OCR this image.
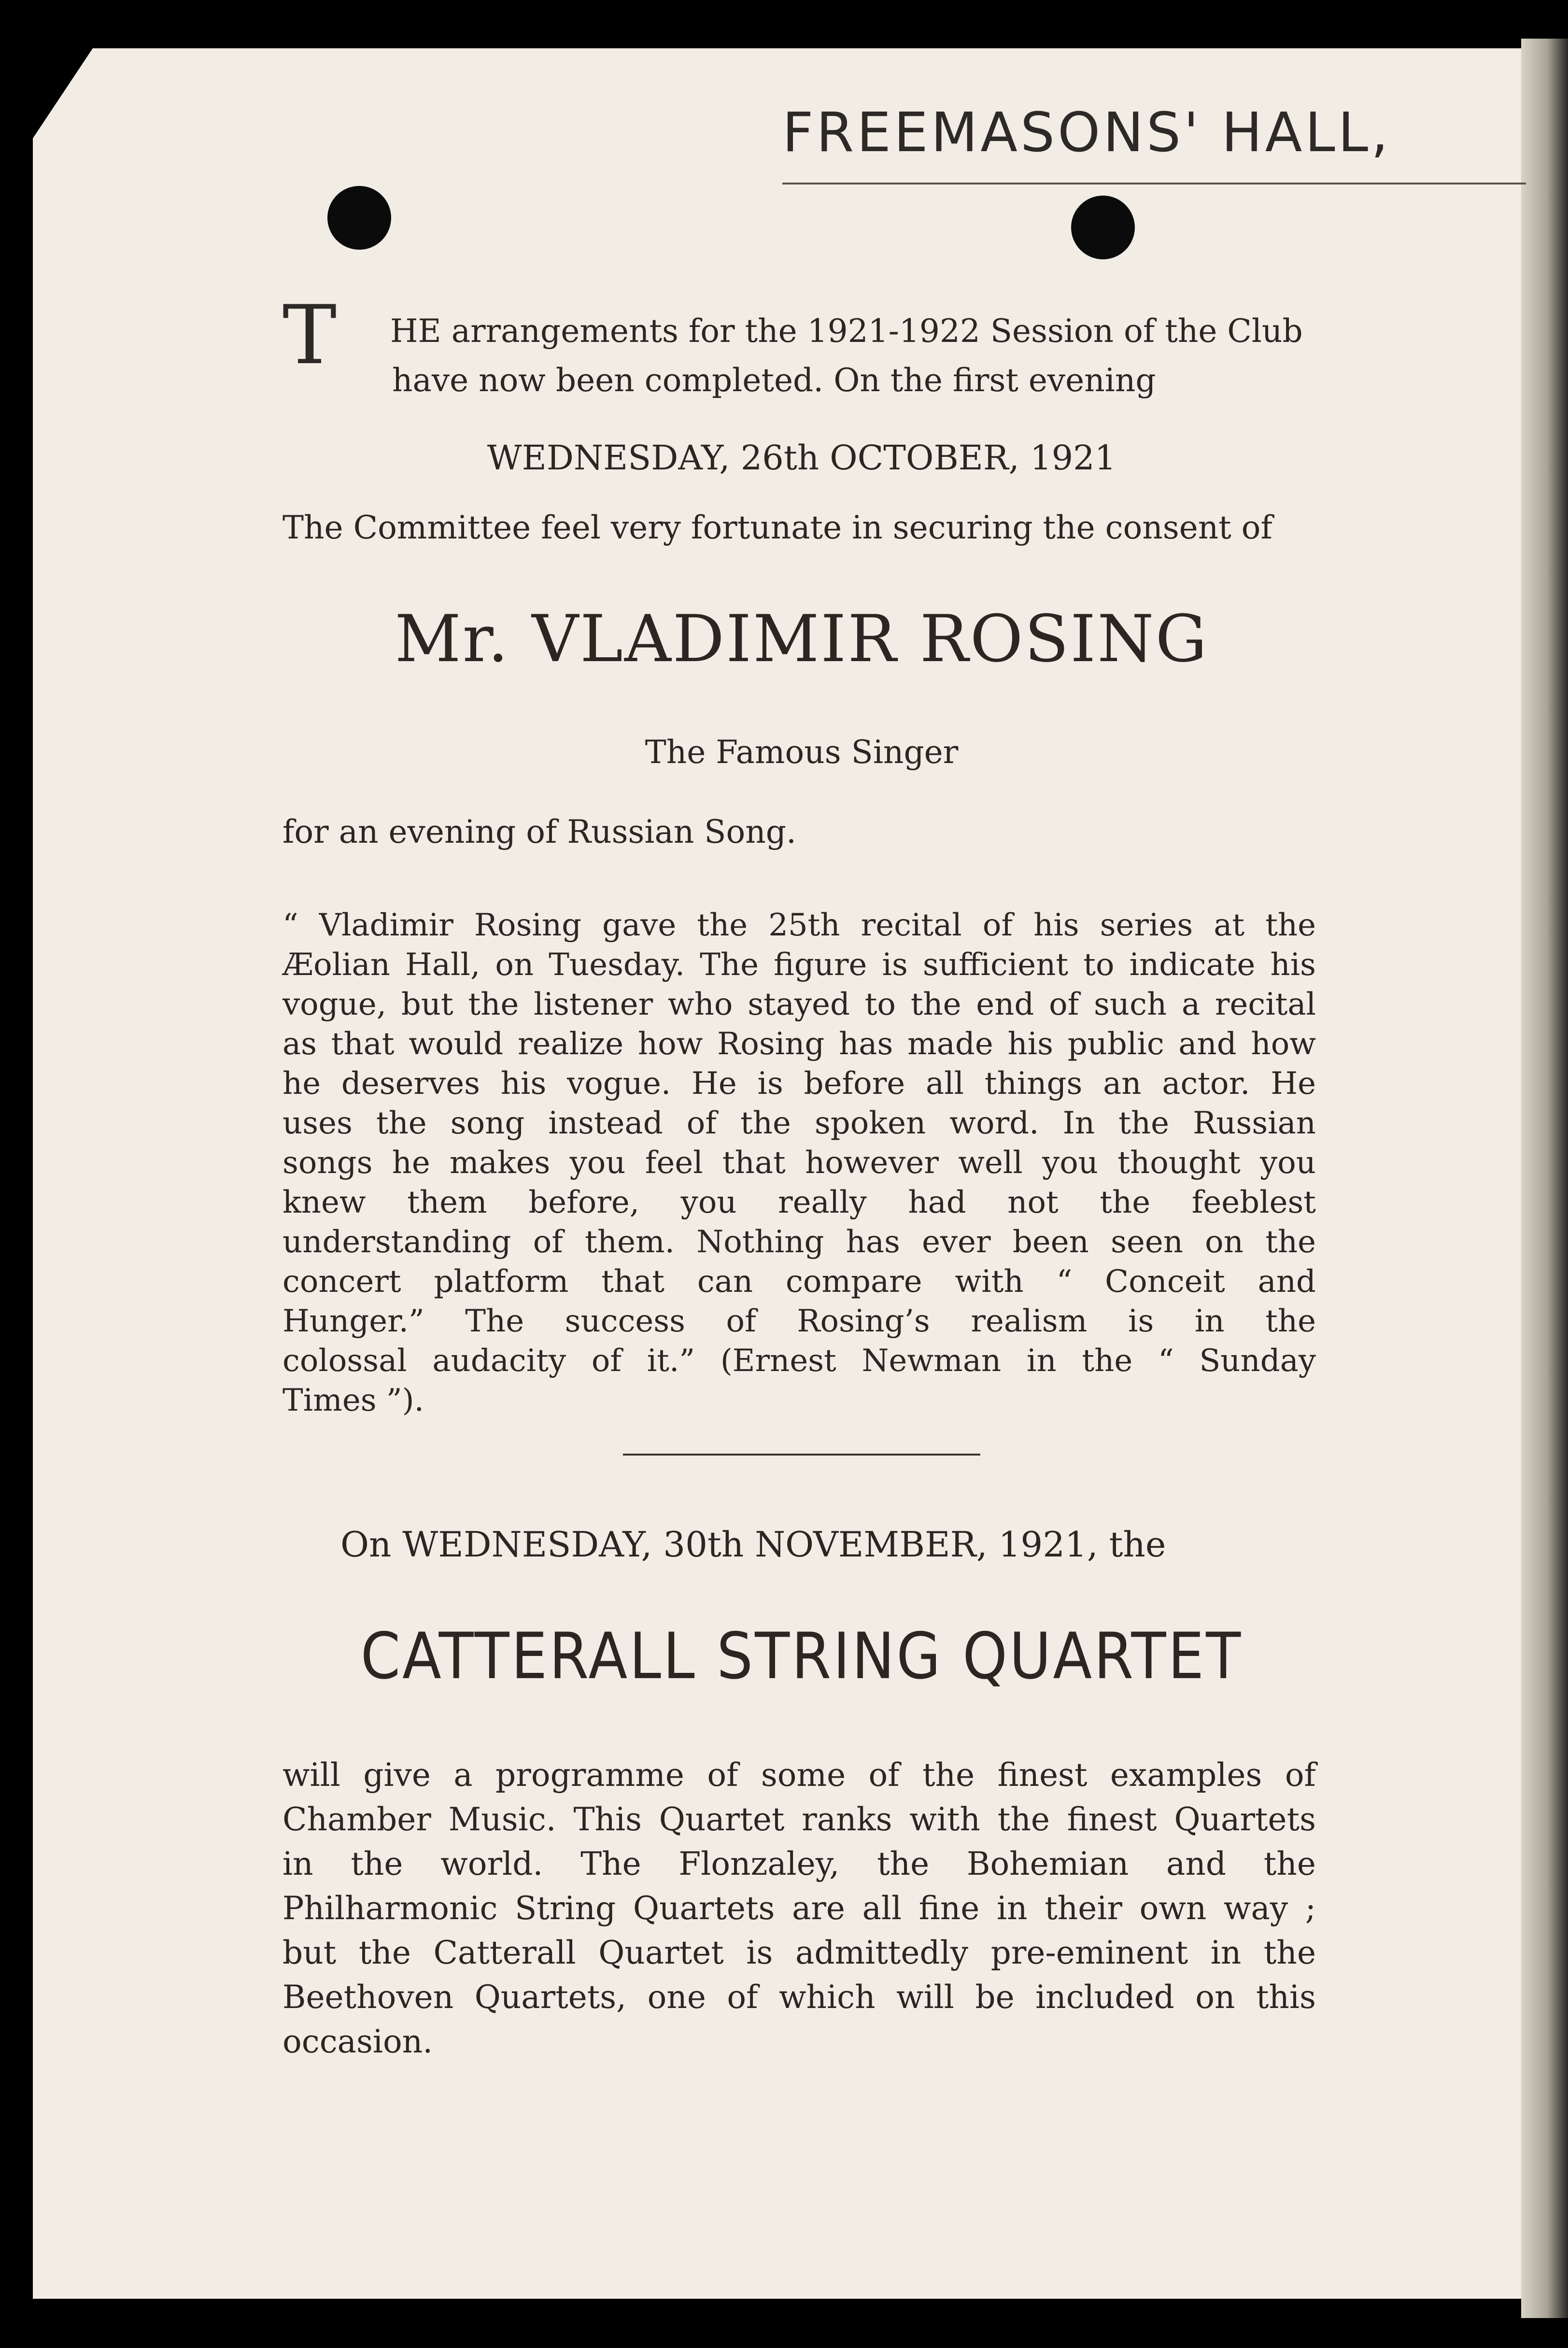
FREEMASONS' HALL,
T HE arrangements for the 1921-1922 Session of the Club
have now been completed. On the first evening
WEDNESDAY, 26th OCTOBER, 1921
The Committee feel very fortunate in securing the consent of
Mr. VLADIMIR ROSING
The Famous Singer
for an evening of Russian Song.
“ Vladimir Rosing gave the 25th recital of his series at the
Æolian Hall, on Tuesday. The figure is sufficient to indicate his
vogue, but the listener who stayed to the end of such a recital
as that would realize how Rosing has made his public and how
he deserves his vogue. He is before all things an actor. He
uses the song instead of the spoken word. In the Russian
songs he makes you feel that however well you thought you
knew them before, you really had not the feeblest
understanding of them. Nothing has ever been seen on the
concert platform that can compare with “ Conceit and
Hunger.” The success of Rosing’s realism is in the
colossal audacity of it.” (Ernest Newman in the “ Sunday
Times ”).
On WEDNESDAY, 30th NOVEMBER, 1921, the
CATTERALL STRING QUARTET
will give a programme of some of the finest examples of
Chamber Music. This Quartet ranks with the finest Quartets
in the world. The Flonzaley, the Bohemian and the
Philharmonic String Quartets are all fine in their own way ;
but the Catterall Quartet is admittedly pre-eminent in the
Beethoven Quartets, one of which will be included on this
occasion.
